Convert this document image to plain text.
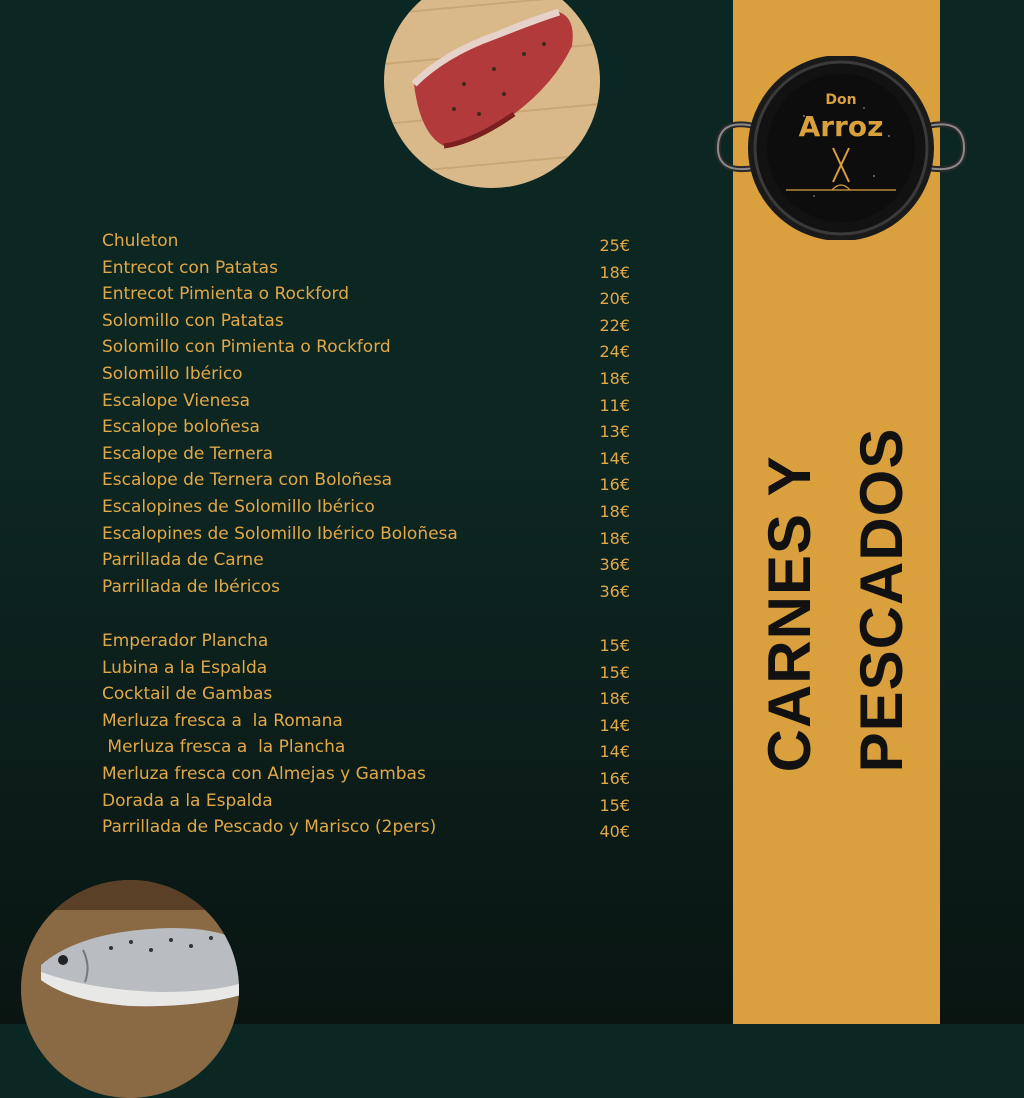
CARNES Y PESCADOS
Don
Arroz
Chuleton	25€
Entrecot con Patatas	18€
Entrecot Pimienta o Rockford	20€
Solomillo con Patatas	22€
Solomillo con Pimienta o Rockford	24€
Solomillo Ibérico	18€
Escalope Vienesa	11€
Escalope boloñesa	13€
Escalope de Ternera	14€
Escalope de Ternera con Boloñesa	16€
Escalopines de Solomillo Ibérico	18€
Escalopines de Solomillo Ibérico Boloñesa	18€
Parrillada de Carne	36€
Parrillada de Ibéricos	36€
Emperador Plancha	15€
Lubina a la Espalda	15€
Cocktail de Gambas	18€
Merluza fresca a  la Romana	14€
Merluza fresca a  la Plancha	14€
Merluza fresca con Almejas y Gambas	16€
Dorada a la Espalda	15€
Parrillada de Pescado y Marisco (2pers)	40€
